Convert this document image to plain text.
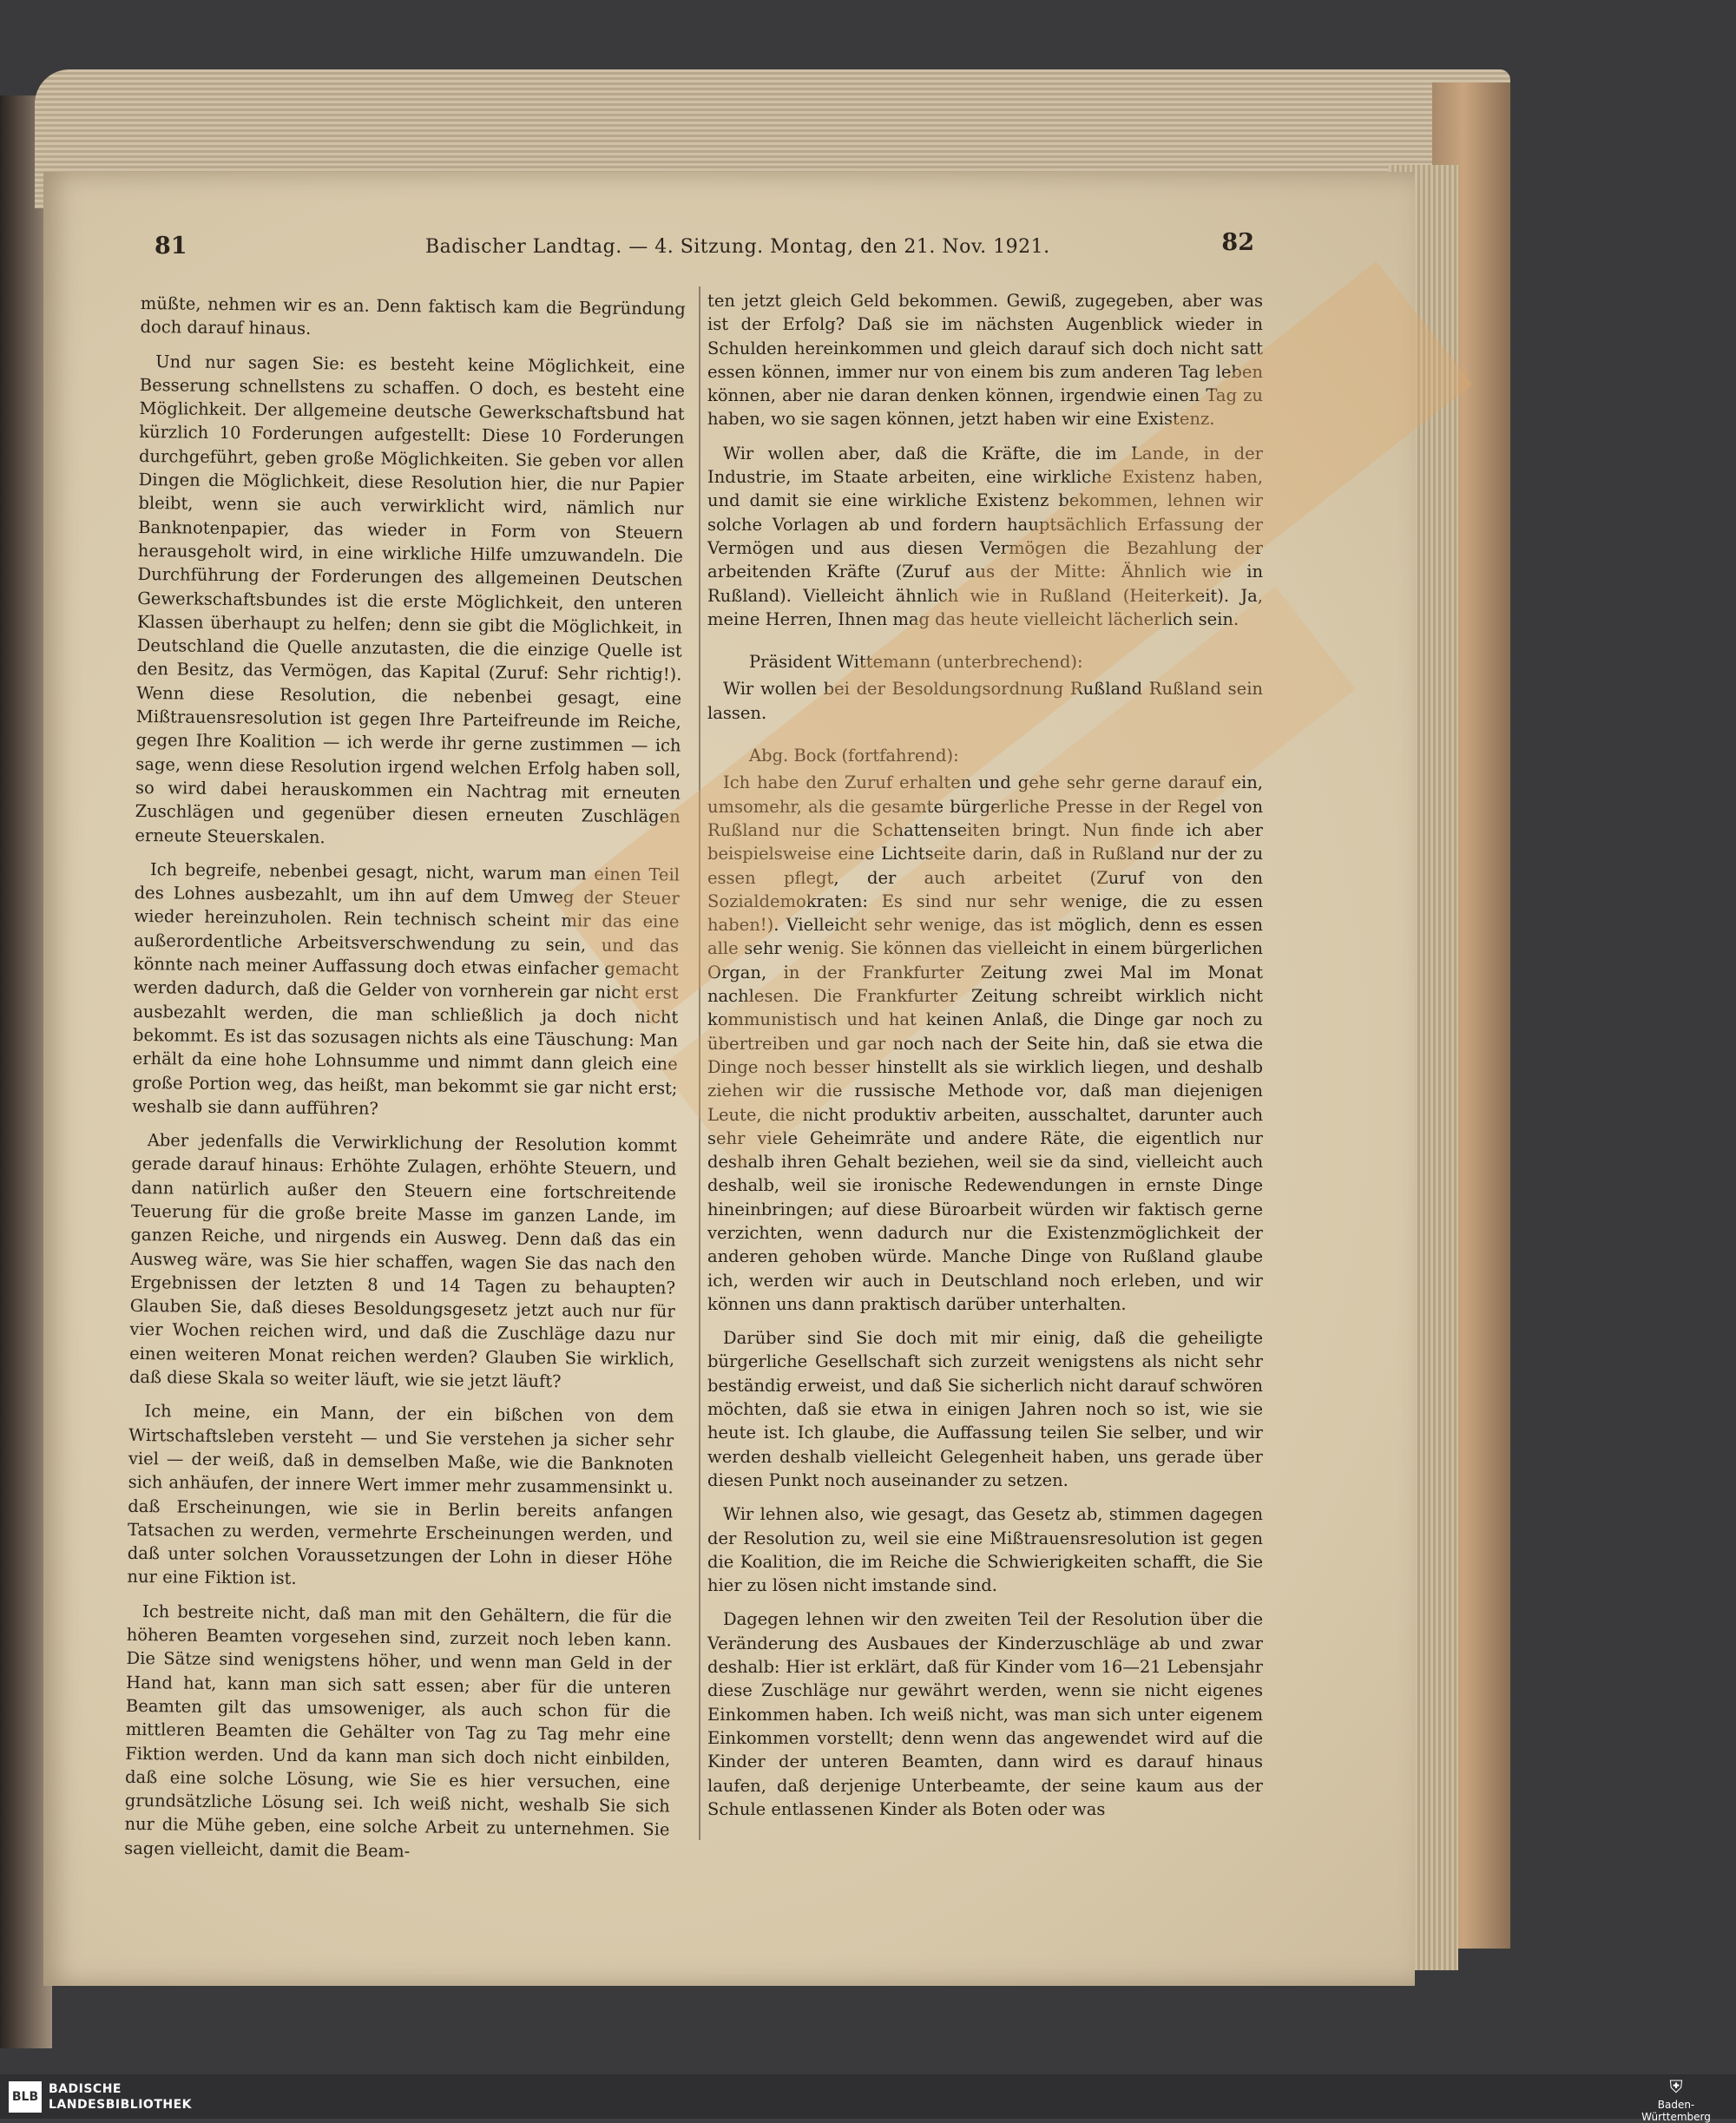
81	Badischer Landtag. — 4. Sitzung. Montag, den 21. Nov. 1921.	82

müßte, nehmen wir es an. Denn faktisch kam die Begründung doch darauf hinaus.

Und nur sagen Sie: es besteht keine Möglichkeit, eine Besserung schnellstens zu schaffen. O doch, es besteht eine Möglichkeit. Der allgemeine deutsche Gewerkschaftsbund hat kürzlich 10 Forderungen aufgestellt: Diese 10 Forderungen durchgeführt, geben große Möglichkeiten. Sie geben vor allen Dingen die Möglichkeit, diese Resolution hier, die nur Papier bleibt, wenn sie auch verwirklicht wird, nämlich nur Banknotenpapier, das wieder in Form von Steuern herausgeholt wird, in eine wirkliche Hilfe umzuwandeln. Die Durchführung der Forderungen des allgemeinen Deutschen Gewerkschaftsbundes ist die erste Möglichkeit, den unteren Klassen überhaupt zu helfen; denn sie gibt die Möglichkeit, in Deutschland die Quelle anzutasten, die die einzige Quelle ist den Besitz, das Vermögen, das Kapital (Zuruf: Sehr richtig!). Wenn diese Resolution, die nebenbei gesagt, eine Mißtrauensresolution ist gegen Ihre Parteifreunde im Reiche, gegen Ihre Koalition — ich werde ihr gerne zustimmen — ich sage, wenn diese Resolution irgend welchen Erfolg haben soll, so wird dabei herauskommen ein Nachtrag mit erneuten Zuschlägen und gegenüber diesen erneuten Zuschlägen erneute Steuerskalen.

Ich begreife, nebenbei gesagt, nicht, warum man einen Teil des Lohnes ausbezahlt, um ihn auf dem Umweg der Steuer wieder hereinzuholen. Rein technisch scheint mir das eine außerordentliche Arbeitsverschwendung zu sein, und das könnte nach meiner Auffassung doch etwas einfacher gemacht werden dadurch, daß die Gelder von vornherein gar nicht erst ausbezahlt werden, die man schließlich ja doch nicht bekommt. Es ist das sozusagen nichts als eine Täuschung: Man erhält da eine hohe Lohnsumme und nimmt dann gleich eine große Portion weg, das heißt, man bekommt sie gar nicht erst; weshalb sie dann aufführen?

Aber jedenfalls die Verwirklichung der Resolution kommt gerade darauf hinaus: Erhöhte Zulagen, erhöhte Steuern, und dann natürlich außer den Steuern eine fortschreitende Teuerung für die große breite Masse im ganzen Lande, im ganzen Reiche, und nirgends ein Ausweg. Denn daß das ein Ausweg wäre, was Sie hier schaffen, wagen Sie das nach den Ergebnissen der letzten 8 und 14 Tagen zu behaupten? Glauben Sie, daß dieses Besoldungsgesetz jetzt auch nur für vier Wochen reichen wird, und daß die Zuschläge dazu nur einen weiteren Monat reichen werden? Glauben Sie wirklich, daß diese Skala so weiter läuft, wie sie jetzt läuft?

Ich meine, ein Mann, der ein bißchen von dem Wirtschaftsleben versteht — und Sie verstehen ja sicher sehr viel — der weiß, daß in demselben Maße, wie die Banknoten sich anhäufen, der innere Wert immer mehr zusammensinkt u. daß Erscheinungen, wie sie in Berlin bereits anfangen Tatsachen zu werden, vermehrte Erscheinungen werden, und daß unter solchen Voraussetzungen der Lohn in dieser Höhe nur eine Fiktion ist.

Ich bestreite nicht, daß man mit den Gehältern, die für die höheren Beamten vorgesehen sind, zurzeit noch leben kann. Die Sätze sind wenigstens höher, und wenn man Geld in der Hand hat, kann man sich satt essen; aber für die unteren Beamten gilt das umsoweniger, als auch schon für die mittleren Beamten die Gehälter von Tag zu Tag mehr eine Fiktion werden. Und da kann man sich doch nicht einbilden, daß eine solche Lösung, wie Sie es hier versuchen, eine grundsätzliche Lösung sei. Ich weiß nicht, weshalb Sie sich nur die Mühe geben, eine solche Arbeit zu unternehmen. Sie sagen vielleicht, damit die Beam-

ten jetzt gleich Geld bekommen. Gewiß, zugegeben, aber was ist der Erfolg? Daß sie im nächsten Augenblick wieder in Schulden hereinkommen und gleich darauf sich doch nicht satt essen können, immer nur von einem bis zum anderen Tag leben können, aber nie daran denken können, irgendwie einen Tag zu haben, wo sie sagen können, jetzt haben wir eine Existenz.

Wir wollen aber, daß die Kräfte, die im Lande, in der Industrie, im Staate arbeiten, eine wirkliche Existenz haben, und damit sie eine wirkliche Existenz bekommen, lehnen wir solche Vorlagen ab und fordern hauptsächlich Erfassung der Vermögen und aus diesen Vermögen die Bezahlung der arbeitenden Kräfte (Zuruf aus der Mitte: Ähnlich wie in Rußland). Vielleicht ähnlich wie in Rußland (Heiterkeit). Ja, meine Herren, Ihnen mag das heute vielleicht lächerlich sein.

Präsident Wittemann (unterbrechend):

Wir wollen bei der Besoldungsordnung Rußland Rußland sein lassen.

Abg. Bock (fortfahrend):

Ich habe den Zuruf erhalten und gehe sehr gerne darauf ein, umsomehr, als die gesamte bürgerliche Presse in der Regel von Rußland nur die Schattenseiten bringt. Nun finde ich aber beispielsweise eine Lichtseite darin, daß in Rußland nur der zu essen pflegt, der auch arbeitet (Zuruf von den Sozialdemokraten: Es sind nur sehr wenige, die zu essen haben!). Vielleicht sehr wenige, das ist möglich, denn es essen alle sehr wenig. Sie können das vielleicht in einem bürgerlichen Organ, in der Frankfurter Zeitung zwei Mal im Monat nachlesen. Die Frankfurter Zeitung schreibt wirklich nicht kommunistisch und hat keinen Anlaß, die Dinge gar noch zu übertreiben und gar noch nach der Seite hin, daß sie etwa die Dinge noch besser hinstellt als sie wirklich liegen, und deshalb ziehen wir die russische Methode vor, daß man diejenigen Leute, die nicht produktiv arbeiten, ausschaltet, darunter auch sehr viele Geheimräte und andere Räte, die eigentlich nur deshalb ihren Gehalt beziehen, weil sie da sind, vielleicht auch deshalb, weil sie ironische Redewendungen in ernste Dinge hineinbringen; auf diese Büroarbeit würden wir faktisch gerne verzichten, wenn dadurch nur die Existenzmöglichkeit der anderen gehoben würde. Manche Dinge von Rußland glaube ich, werden wir auch in Deutschland noch erleben, und wir können uns dann praktisch darüber unterhalten.

Darüber sind Sie doch mit mir einig, daß die geheiligte bürgerliche Gesellschaft sich zurzeit wenigstens als nicht sehr beständig erweist, und daß Sie sicherlich nicht darauf schwören möchten, daß sie etwa in einigen Jahren noch so ist, wie sie heute ist. Ich glaube, die Auffassung teilen Sie selber, und wir werden deshalb vielleicht Gelegenheit haben, uns gerade über diesen Punkt noch auseinander zu setzen.

Wir lehnen also, wie gesagt, das Gesetz ab, stimmen dagegen der Resolution zu, weil sie eine Mißtrauensresolution ist gegen die Koalition, die im Reiche die Schwierigkeiten schafft, die Sie hier zu lösen nicht imstande sind.

Dagegen lehnen wir den zweiten Teil der Resolution über die Veränderung des Ausbaues der Kinderzuschläge ab und zwar deshalb: Hier ist erklärt, daß für Kinder vom 16—21 Lebensjahr diese Zuschläge nur gewährt werden, wenn sie nicht eigenes Einkommen haben. Ich weiß nicht, was man sich unter eigenem Einkommen vorstellt; denn wenn das angewendet wird auf die Kinder der unteren Beamten, dann wird es darauf hinaus laufen, daß derjenige Unterbeamte, der seine kaum aus der Schule entlassenen Kinder als Boten oder was

BLB
BADISCHE
LANDESBIBLIOTHEK
⛨
Baden-Württemberg
